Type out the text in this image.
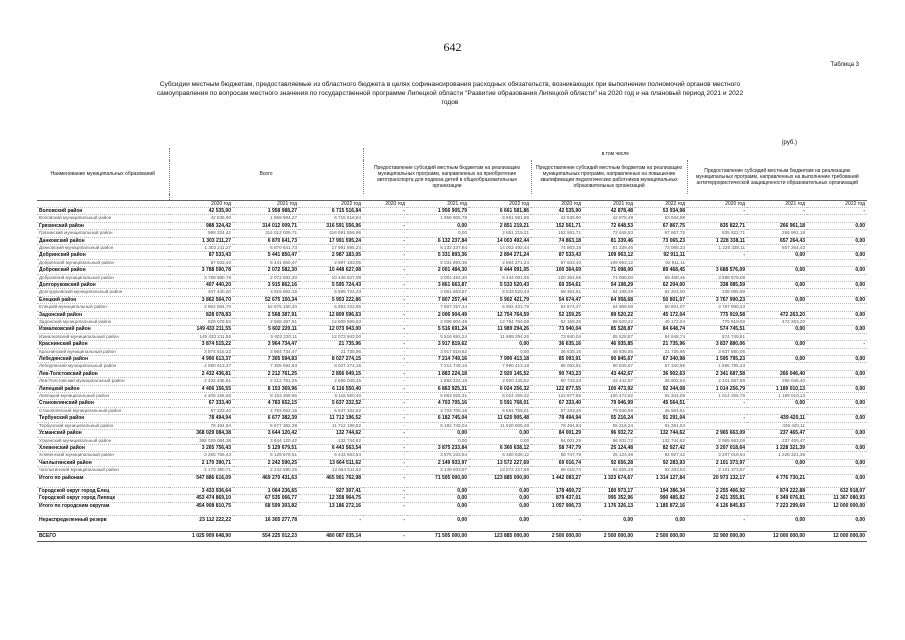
642
Таблица 3
Субсидии местным бюджетам, предоставляемые из областного бюджета в целях софинансирования расходных обязательств, возникающих при выполнении полномочий органов местного самоуправления по вопросам местного значения по государственной программе Липецкой области "Развитие образования Липецкой области" на 2020 год и на плановый период 2021 и 2022 годов
(руб.)
Наименование муниципальных образований	Всего			в том числе								
				Предоставление субсидий местным бюджетам на реализацию муниципальных программ, направленных на приобретение автотранспорта для подвоза детей в общеобразовательные организации			Предоставление субсидий местным бюджетам на реализацию муниципальных программ, направленных на повышение квалификации педагогических работников муниципальных образовательных организаций			Предоставление субсидий местным бюджетам на реализацию муниципальных программ, направленных на выполнение требований антитеррористической защищенности образовательных организаций		

	2020 год	2021 год	2022 год	2020 год	2021 год	2022 год	2020 год	2021 год	2022 год	2020 год	2021 год	2022 год
Воловский район	42 535,90	1 958 988,27	6 715 516,84	-	1 956 905,79	6 661 581,86	42 535,90	42 878,48	53 934,98	-	-	-
Воловский муниципальный район	42 535,90	1 958 984,27	6 715 516,84	-	1 956 905,79	6 661 581,86	42 535,90	42 878,48	53 934,98			
Грязинский район	988 324,42	314 012 009,71	316 591 556,96	-	0,00	2 851 219,21	152 561,71	72 648,53	67 867,75	835 822,71	266 961,18	0,00
Грязинский муниципальный район	988 324,42	314 012 009,71	316 591 556,96	-	0,00	2 851 219,21	152 561,71	72 648,53	67 867,75	835 822,71	266 961,18	
Данковский район	1 303 211,27	6 870 641,73	17 991 595,24	-	6 132 237,84	14 003 492,44	74 863,18	81 339,46	73 065,23	1 228 338,11	657 264,43	0,00
Данковский муниципальный район	1 303 211,27	6 870 641,73	17 991 595,24	-	6 132 237,84	14 003 492,44	74 863,18	81 339,46	73 065,23	1 228 338,11	657 264,43	
Добринский район	87 533,43	5 441 850,47	2 987 183,05	-	5 331 893,36	2 894 271,24	87 533,43	109 963,12	92 911,11	-	0,00	0,00
Добринский муниципальный район	87 533,43	5 441 850,47	2 987 183,05	-	5 331 893,36	2 894 271,24	87 533,43	109 963,12	92 911,11			
Добровский район	3 788 590,78	2 072 582,30	10 448 627,08	-	2 001 484,30	6 444 091,05	100 364,69	71 098,00	89 468,45	3 688 576,09	0,00	0,00
Добровский муниципальный район	3 788 590,78	2 072 582,30	10 448 627,08	-	2 001 484,30	6 444 091,05	100 364,69	71 098,00	89 468,45	3 688 576,09		
Долгоруковский район	407 440,20	3 915 862,16	5 595 724,43	-	3 861 663,87	5 533 520,43	69 354,61	54 198,29	62 204,00	338 085,59	0,00	0,00
Долгоруковский муниципальный район	407 440,20	3 915 862,16	5 595 724,43	-	3 861 663,87	5 533 520,43	69 354,61	54 198,29	62 204,00	338 085,59		
Елецкий район	3 862 564,70	52 675 150,34	5 953 222,86	-	7 807 257,44	5 902 421,79	54 674,47	64 958,68	50 801,07	3 767 990,23	0,00	0,00
Елецкий муниципальный район	3 862 564,70	52 675 150,34	5 953 222,86	-	7 807 257,44	5 902 421,79	54 674,47	64 958,68	50 801,07	3 767 990,23		
Задонский район	828 078,83	2 568 387,91	12 809 596,63	-	2 006 904,49	12 754 764,59	52 159,25	89 520,22	45 172,04	775 919,58	472 263,20	0,00
Задонский муниципальный район	828 078,83	2 568 387,91	12 809 596,63	-	2 006 904,49	12 754 764,59	52 159,25	89 520,22	45 172,04	775 919,58	472 263,20	
Измалковский район	149 433 211,55	5 602 220,11	12 073 943,00	-	5 516 691,24	11 989 294,26	73 940,04	85 528,87	84 648,74	574 745,51	0,00	0,00
Измалковский муниципальный район	149 433 211,55	5 602 220,11	12 073 943,00	-	5 516 691,24	11 989 294,26	73 940,04	85 528,87	84 648,74	574 745,51		
Краснинский район	3 874 515,22	3 964 734,47	21 735,96	-	3 917 819,62	0,00	36 635,16	46 935,85	21 735,96	3 837 880,06	0,00	-
Краснинский муниципальный район	3 874 515,22	3 964 734,47	21 735,96	-	3 917 819,62	0,00	36 635,16	46 935,85	21 735,96	3 837 880,06		
Лебедянский район	4 990 613,37	7 305 594,83	8 027 274,15	-	7 214 749,16	7 990 413,18	85 093,91	90 845,67	67 340,98	1 595 795,23	0,00	0,00
Лебедянский муниципальный район	4 990 613,37	7 305 594,83	8 027 274,15	-	7 214 749,16	7 990 413,18	85 093,91	90 845,67	67 340,98	1 595 795,23		
Лев-Толстовский район	2 432 436,81	2 212 761,25	2 856 049,15	-	1 883 224,18	2 920 145,52	90 743,23	43 442,67	36 902,63	2 341 687,58	266 046,40	0,00
Лев-Толстовский муниципальный район	2 432 436,81	2 212 761,25	2 856 049,15	-	1 883 224,18	2 920 145,52	90 743,23	43 442,67	36 902,63	2 341 687,58	266 046,40	
Липецкий район	4 406 156,55	8 153 369,96	6 116 550,40	-	6 863 925,31	6 024 256,32	122 877,55	100 473,92	92 344,08	1 014 256,79	1 189 010,13	0,00
Липецкий муниципальный район	4 406 156,55	8 153 369,96	6 116 550,40	-	6 863 925,31	6 024 256,32	122 877,55	100 473,92	92 344,08	1 014 256,79	1 189 010,13	
Становлянский район	67 333,40	4 783 652,15	5 637 332,52	-	4 703 705,16	5 591 768,01	67 333,40	79 946,99	45 564,51	-	0,00	0,00
Становлянский муниципальный район	67 333,40	4 783 652,15	5 637 332,52	-	4 703 705,16	5 591 768,01	67 333,40	79 946,99	45 564,51			
Тербунский район	78 494,94	6 677 382,39	11 712 196,52	-	6 182 745,04	11 620 905,48	78 494,94	55 216,24	91 291,04	-	439 420,11	0,00
Тербунский муниципальный район	78 494,94	6 677 382,39	11 712 196,52	-	6 182 745,04	11 620 905,48	78 494,94	55 216,24	91 291,04		439 420,11	
Усманский район	368 029 084,38	3 644 120,42	132 744,62	-	0,00	0,00	84 001,29	96 932,72	132 744,62	2 965 663,09	237 465,47	0,00
Усманский муниципальный район	368 029 084,38	3 644 120,42	132 744,62	-	0,00	0,00	84 001,29	96 932,72	132 744,62	2 965 663,09	237 465,47	
Хлевенский район	3 265 756,43	5 129 679,51	6 443 563,54	-	3 875 233,84	6 360 638,12	58 747,79	25 124,48	82 927,42	3 207 018,64	1 228 321,39	0,00
Хлевенский муниципальный район	3 265 756,43	5 129 679,51	6 443 563,54	-	3 875 233,84	6 360 638,12	58 747,79	25 124,48	82 927,42	3 207 018,64	1 228 321,39	
Чаплыгинский район	2 170 390,71	2 242 590,25	13 664 511,62	-	2 149 933,97	13 572 227,69	69 016,74	92 656,28	92 283,93	2 101 373,97	0,00	0,00
Чаплыгинский муниципальный район	2 170 390,71	2 242 590,25	13 664 511,62	-	2 149 933,97	13 572 227,69	69 016,74	92 656,28	92 283,93	2 101 373,97		
Итого по районам	547 886 616,09	469 270 431,63	465 901 762,98	-	71 505 000,00	123 885 000,00	1 442 083,27	1 323 674,67	1 314 127,84	20 973 132,17	4 776 730,21	0,00

Городской округ город Елец	3 433 936,64	1 064 236,65	927 307,41	-	0,00	0,00	178 469,72	180 973,17	194 386,34	2 255 466,92	874 222,88	632 918,07
Городской округ город Липецк	453 474 869,10	67 535 066,77	12 358 964,75	-	0,00	0,00	879 437,01	995 352,96	990 485,82	2 421 355,81	6 349 076,81	11 367 080,93
Итого по городским округам	454 908 810,75	68 599 303,82	13 186 272,16	-	0,00	0,00	1 057 906,73	1 176 326,13	1 185 872,16	4 126 845,83	7 223 299,69	12 000 000,00

Нераспределенный резерв	23 112 222,22	16 305 277,78	-	-	0,00	0,00	-	0,00	0,00	-	0,00	0,00

ВСЕГО	1 025 909 648,90	554 225 012,23	480 087 035,14	-	71 505 000,00	123 885 000,00	2 500 000,00	2 500 000,00	2 500 000,00	32 900 000,00	12 000 000,00	12 000 000,00
